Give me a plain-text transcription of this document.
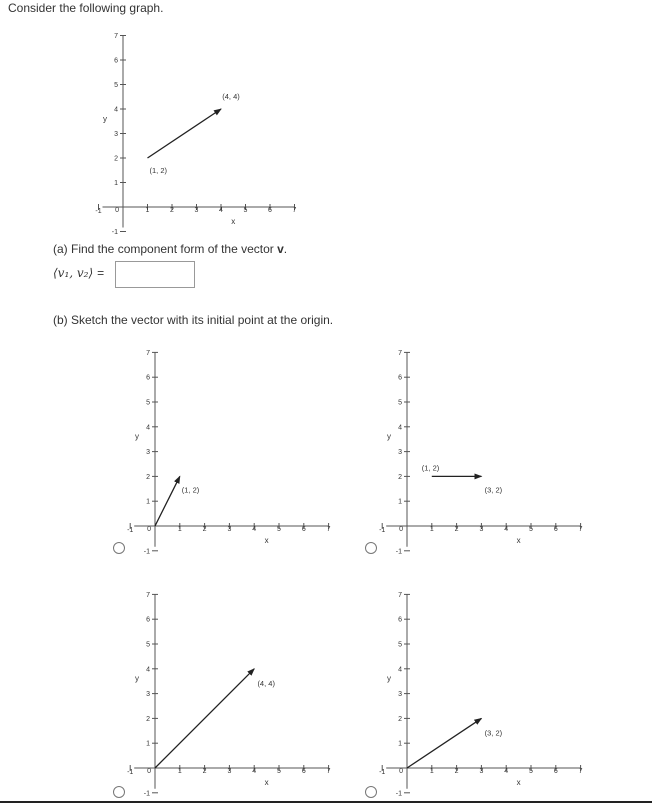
Consider the following graph.
-1 0	1	2	3	4	5	6	7
-1
1
2
3
4
5
6
7
x
y
(1, 2)
(4, 4)
(a) Find the component form of the vector v.
⟨v₁, v₂⟩ =
(b) Sketch the vector with its initial point at the origin.
-1 0	1	2	3	4	5	6	7
-1
1
2
3
4
5
6
7
x
y
(1, 2)
-1 0	1	2	3	4	5	6	7
-1
1
2
3
4
5
6
7
x
y
(1, 2)
(3, 2)
-1 0	1	2	3	4	5	6	7
-1
1
2
3
4
5
6
7
x
y
(4, 4)
-1 0	1	2	3	4	5	6	7
-1
1
2
3
4
5
6
7
x
y
(3, 2)
